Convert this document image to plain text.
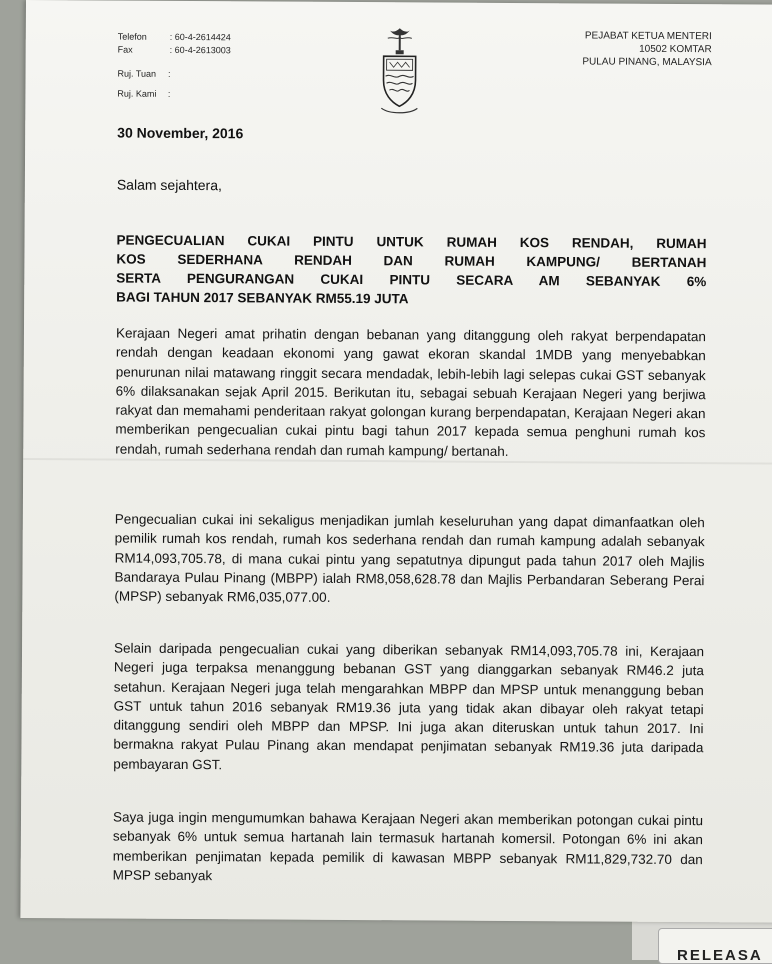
RELEASA
Telefon	: 60-4-2614424
Fax	: 60-4-2613003
Ruj. Tuan :
Ruj. Kami :
PEJABAT KETUA MENTERI
10502 KOMTAR
PULAU PINANG, MALAYSIA
30 November, 2016
Salam sejahtera,
PENGECUALIAN CUKAI PINTU UNTUK RUMAH KOS RENDAH, RUMAH
KOS SEDERHANA RENDAH DAN RUMAH KAMPUNG/ BERTANAH
SERTA PENGURANGAN CUKAI PINTU SECARA AM SEBANYAK 6%
BAGI TAHUN 2017 SEBANYAK RM55.19 JUTA

Kerajaan Negeri amat prihatin dengan bebanan yang ditanggung oleh rakyat berpendapatan rendah dengan keadaan ekonomi yang gawat ekoran skandal 1MDB yang menyebabkan penurunan nilai matawang ringgit secara mendadak, lebih-lebih lagi selepas cukai GST sebanyak 6% dilaksanakan sejak April 2015. Berikutan itu, sebagai sebuah Kerajaan Negeri yang berjiwa rakyat dan memahami penderitaan rakyat golongan kurang berpendapatan, Kerajaan Negeri akan memberikan pengecualian cukai pintu bagi tahun 2017 kepada semua penghuni rumah kos rendah, rumah sederhana rendah dan rumah kampung/ bertanah.

Pengecualian cukai ini sekaligus menjadikan jumlah keseluruhan yang dapat dimanfaatkan oleh pemilik rumah kos rendah, rumah kos sederhana rendah dan rumah kampung adalah sebanyak RM14,093,705.78, di mana cukai pintu yang sepatutnya dipungut pada tahun 2017 oleh Majlis Bandaraya Pulau Pinang (MBPP) ialah RM8,058,628.78 dan Majlis Perbandaran Seberang Perai (MPSP) sebanyak RM6,035,077.00.

Selain daripada pengecualian cukai yang diberikan sebanyak RM14,093,705.78 ini, Kerajaan Negeri juga terpaksa menanggung bebanan GST yang dianggarkan sebanyak RM46.2 juta setahun. Kerajaan Negeri juga telah mengarahkan MBPP dan MPSP untuk menanggung beban GST untuk tahun 2016 sebanyak RM19.36 juta yang tidak akan dibayar oleh rakyat tetapi ditanggung sendiri oleh MBPP dan MPSP. Ini juga akan diteruskan untuk tahun 2017. Ini bermakna rakyat Pulau Pinang akan mendapat penjimatan sebanyak RM19.36 juta daripada pembayaran GST.

Saya juga ingin mengumumkan bahawa Kerajaan Negeri akan memberikan potongan cukai pintu sebanyak 6% untuk semua hartanah lain termasuk hartanah komersil. Potongan 6% ini akan memberikan penjimatan kepada pemilik di kawasan MBPP sebanyak RM11,829,732.70 dan MPSP sebanyak
